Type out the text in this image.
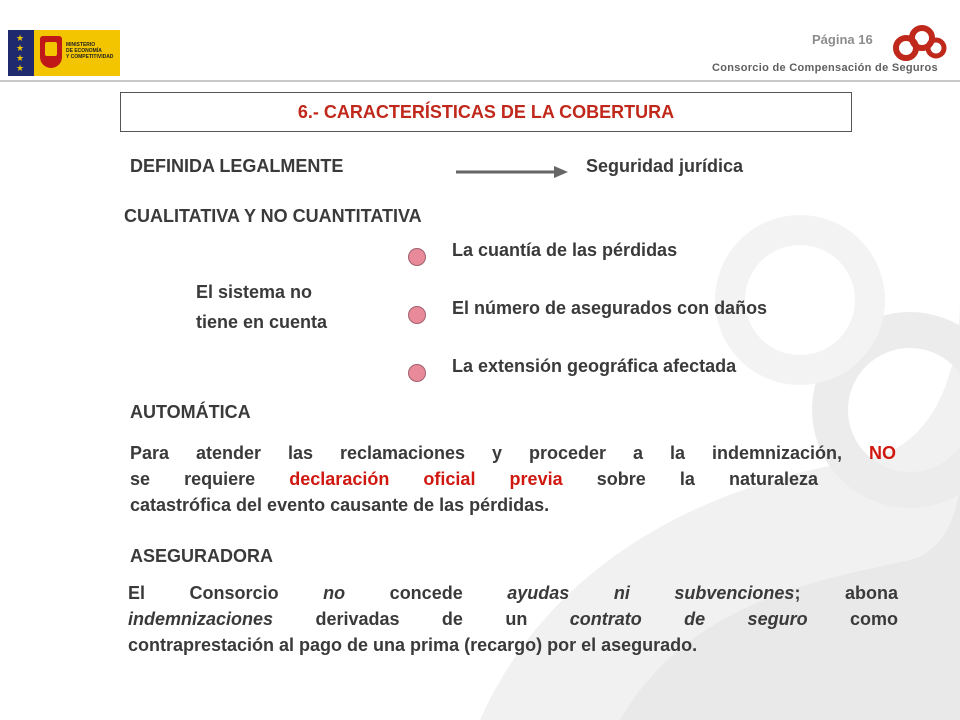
★
★
★
★
MINISTERIO
DE ECONOMÍA
Y COMPETITIVIDAD
Página 16
Consorcio de Compensación de Seguros
6.- CARACTERÍSTICAS DE LA COBERTURA
DEFINIDA LEGALMENTE	Seguridad jurídica
CUALITATIVA Y NO CUANTITATIVA
El sistema no
tiene en cuenta
La cuantía de las pérdidas
El número de asegurados con daños
La extensión geográfica afectada
AUTOMÁTICA
Para atender las reclamaciones y proceder a la indemnización, NO
se requiere declaración oficial previa sobre la naturaleza
catastrófica del evento causante de las pérdidas.
ASEGURADORA
El Consorcio no concede ayudas ni subvenciones; abona
indemnizaciones derivadas de un contrato de seguro como
contraprestación al pago de una prima (recargo) por el asegurado.
